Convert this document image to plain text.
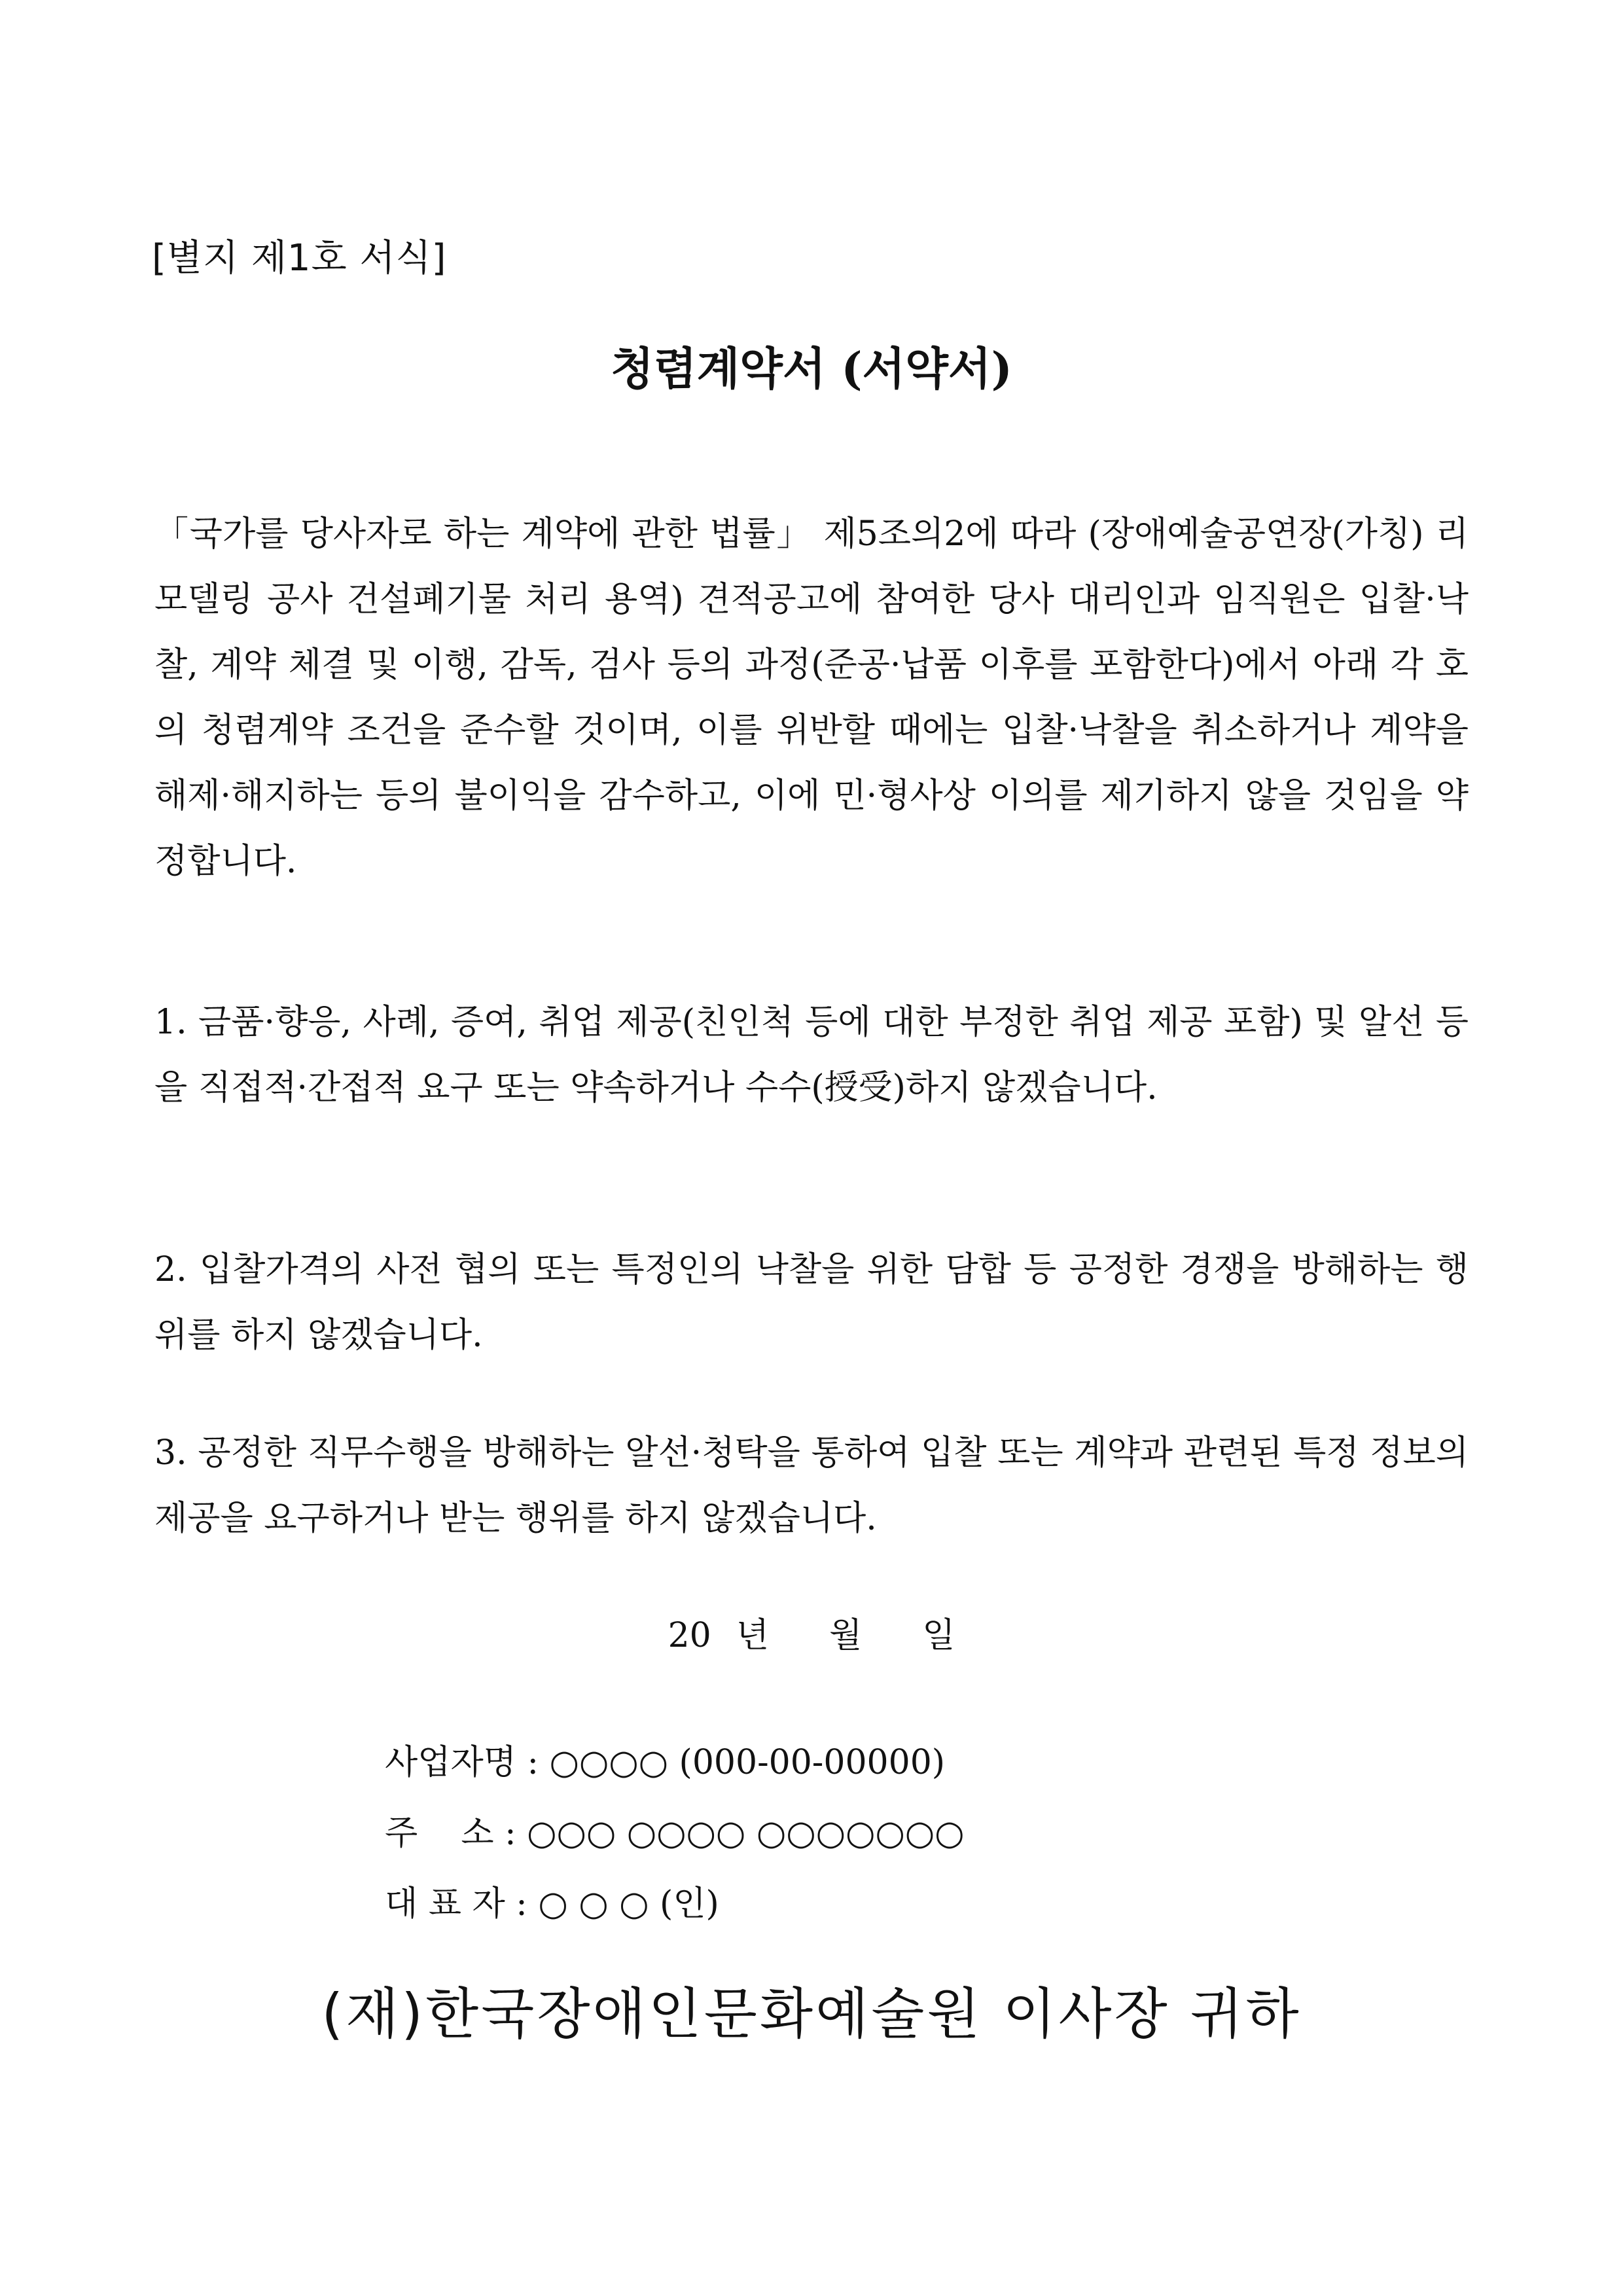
[별지 제1호 서식]

청렴계약서 (서약서)

「국가를 당사자로 하는 계약에 관한 법률」 제5조의2에 따라 (장애예술공연장(가칭) 리모델링 공사 건설폐기물 처리 용역) 견적공고에 참여한 당사 대리인과 임직원은 입찰·낙찰, 계약 체결 및 이행, 감독, 검사 등의 과정(준공·납품 이후를 포함한다)에서 아래 각 호의 청렴계약 조건을 준수할 것이며, 이를 위반할 때에는 입찰·낙찰을 취소하거나 계약을 해제·해지하는 등의 불이익을 감수하고, 이에 민·형사상 이의를 제기하지 않을 것임을 약정합니다.

1. 금품·향응, 사례, 증여, 취업 제공(친인척 등에 대한 부정한 취업 제공 포함) 및 알선 등을 직접적·간접적 요구 또는 약속하거나 수수(授受)하지 않겠습니다.

2. 입찰가격의 사전 협의 또는 특정인의 낙찰을 위한 담합 등 공정한 경쟁을 방해하는 행위를 하지 않겠습니다.

3. 공정한 직무수행을 방해하는 알선·청탁을 통하여 입찰 또는 계약과 관련된 특정 정보의 제공을 요구하거나 받는 행위를 하지 않겠습니다.

20 년 월 일

사업자명 : ○○○○ (000-00-00000)

주    소 : ○○○ ○○○○ ○○○○○○○

대 표 자 : ○ ○ ○ (인)

(재)한국장애인문화예술원 이사장 귀하
